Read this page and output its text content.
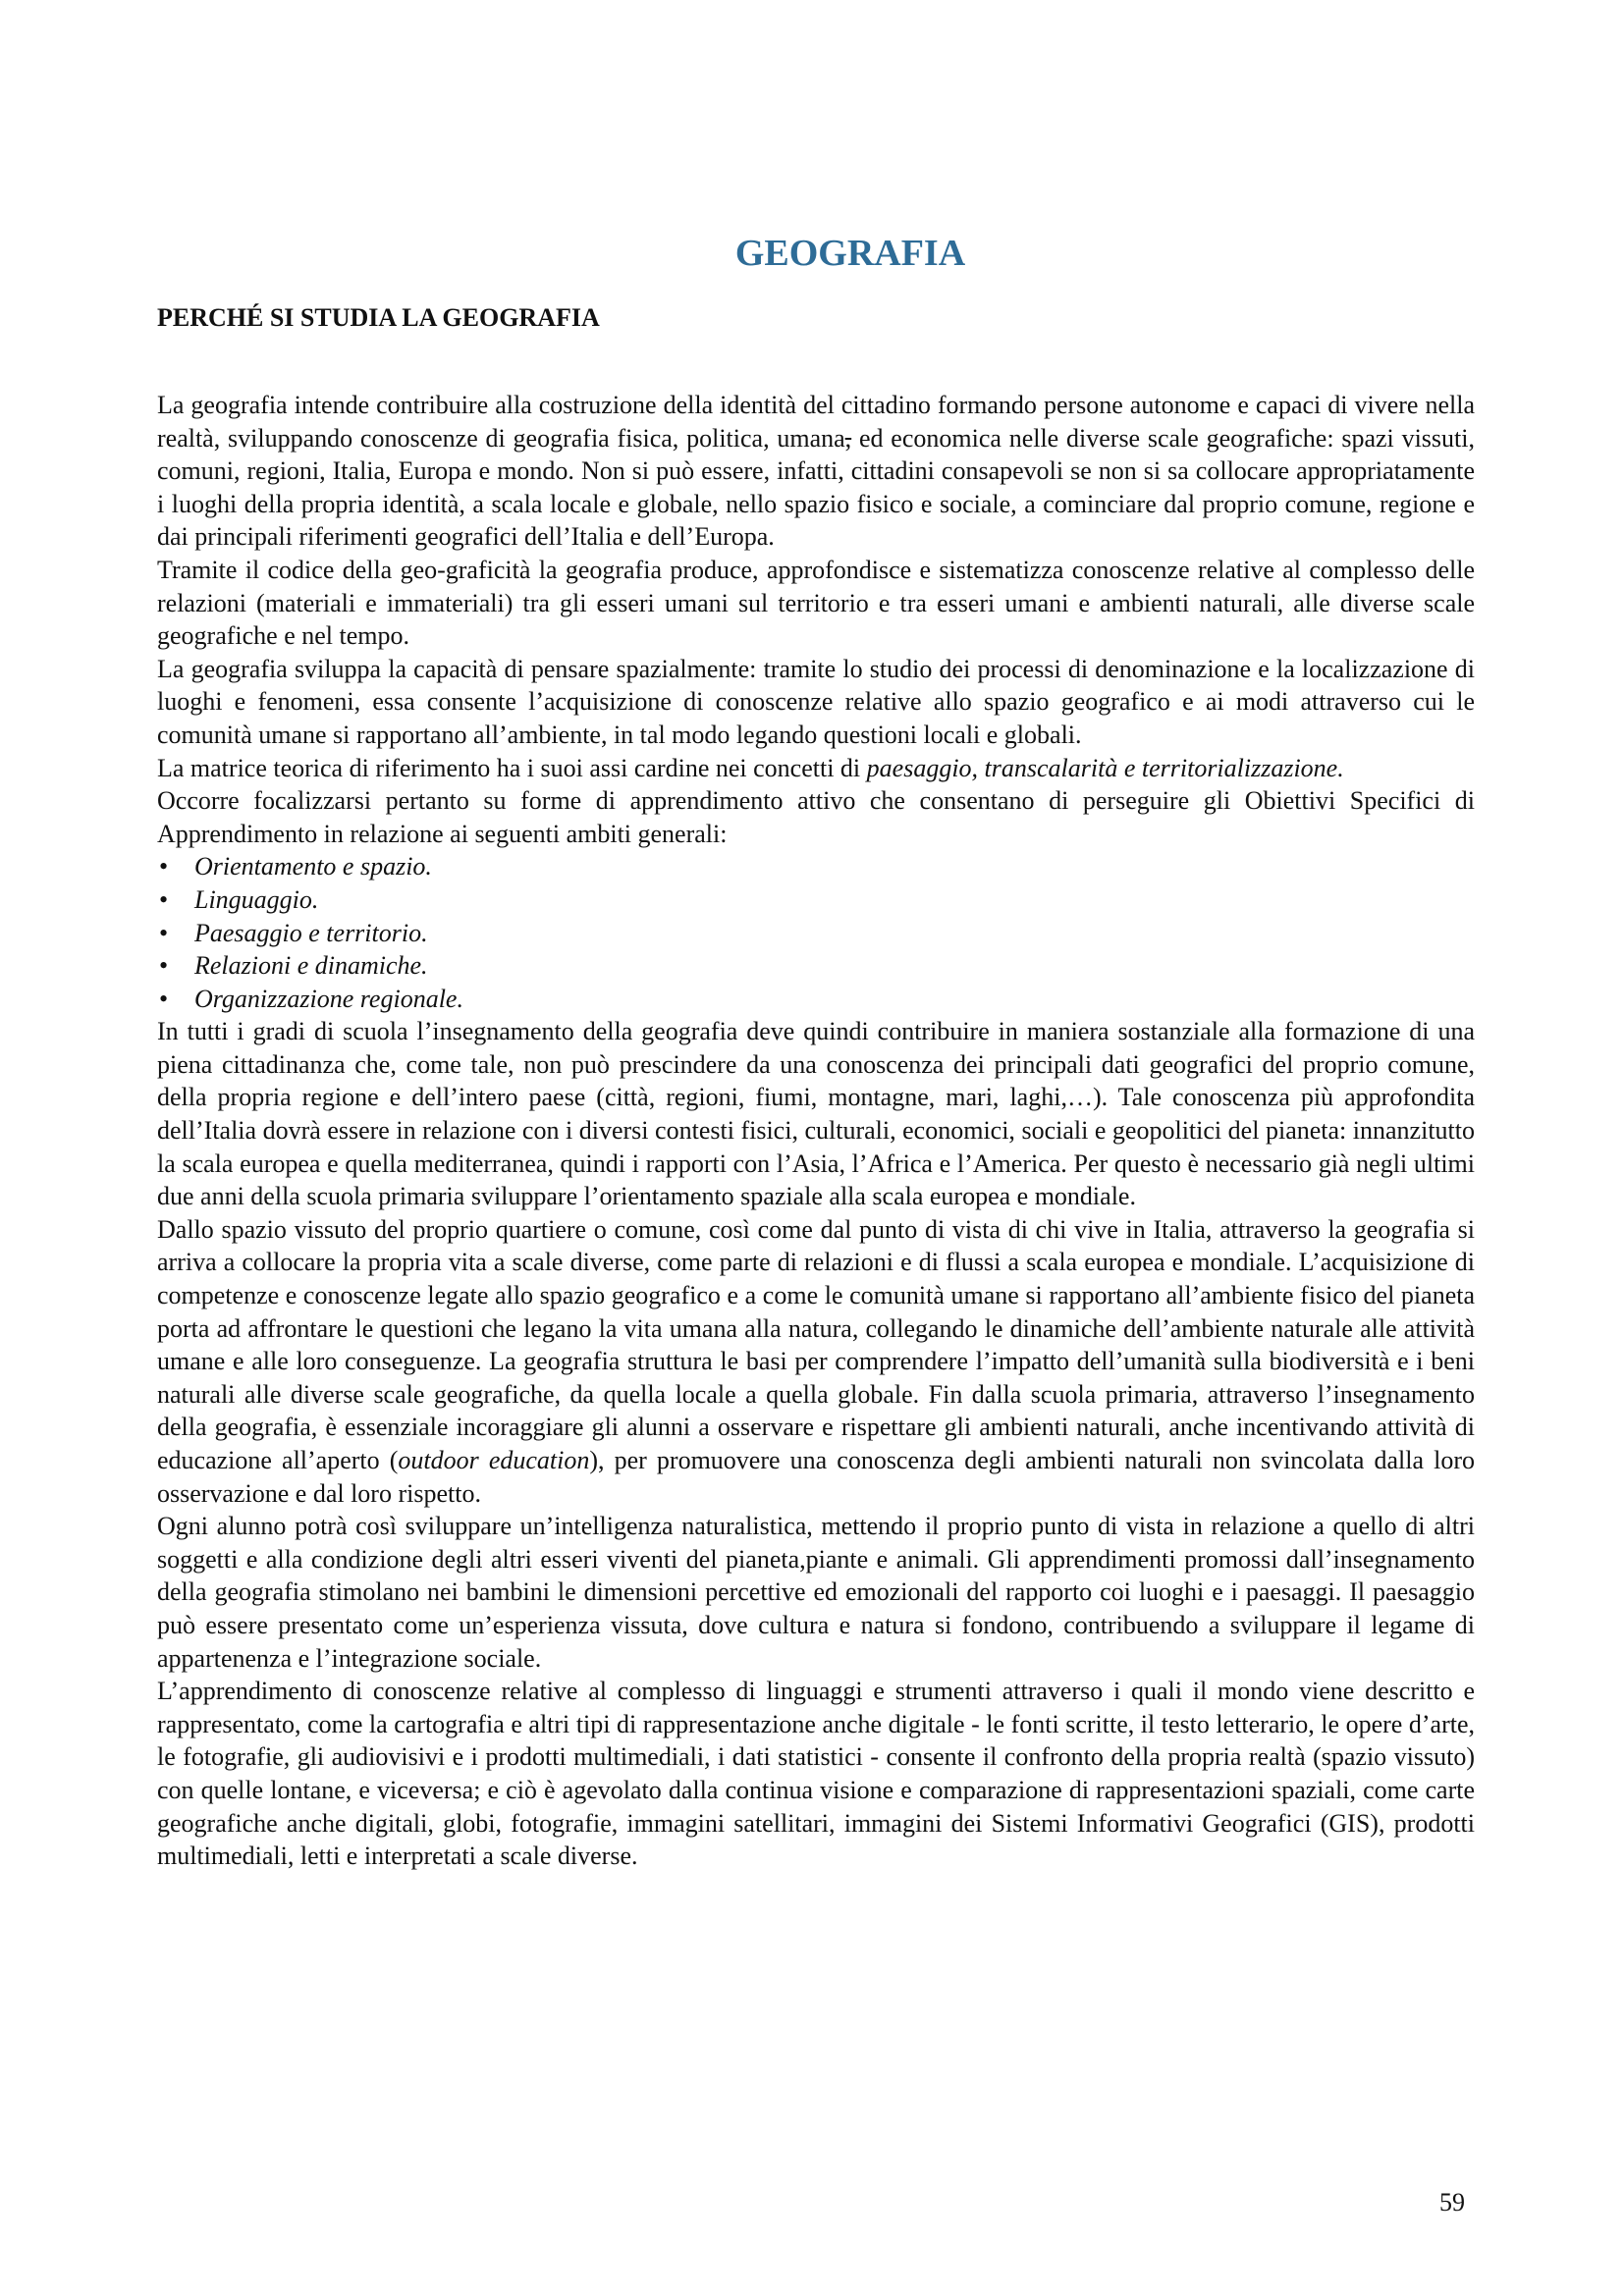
GEOGRAFIA
PERCHÉ SI STUDIA LA GEOGRAFIA

La geografia intende contribuire alla costruzione della identità del cittadino formando persone autonome e capaci di vivere nella realtà, sviluppando conoscenze di geografia fisica, politica, umana, ed economica nelle diverse scale geografiche: spazi vissuti, comuni, regioni, Italia, Europa e mondo. Non si può essere, infatti, cittadini consapevoli se non si sa collocare appropriatamente i luoghi della propria identità, a scala locale e globale, nello spazio fisico e sociale, a cominciare dal proprio comune, regione e dai principali riferimenti geografici dell’Italia e dell’Europa.

Tramite il codice della geo-graficità la geografia produce, approfondisce e sistematizza conoscenze relative al complesso delle relazioni (materiali e immateriali) tra gli esseri umani sul territorio e tra esseri umani e ambienti naturali, alle diverse scale geografiche e nel tempo.

La geografia sviluppa la capacità di pensare spazialmente: tramite lo studio dei processi di denominazione e la localizzazione di luoghi e fenomeni, essa consente l’acquisizione di conoscenze relative allo spazio geografico e ai modi attraverso cui le comunità umane si rapportano all’ambiente, in tal modo legando questioni locali e globali.

La matrice teorica di riferimento ha i suoi assi cardine nei concetti di paesaggio, transcalarità e territorializzazione.

Occorre focalizzarsi pertanto su forme di apprendimento attivo che consentano di perseguire gli Obiettivi Specifici di Apprendimento in relazione ai seguenti ambiti generali:

• Orientamento e spazio.
• Linguaggio.
• Paesaggio e territorio.
• Relazioni e dinamiche.
• Organizzazione regionale.

In tutti i gradi di scuola l’insegnamento della geografia deve quindi contribuire in maniera sostanziale alla formazione di una piena cittadinanza che, come tale, non può prescindere da una conoscenza dei principali dati geografici del proprio comune, della propria regione e dell’intero paese (città, regioni, fiumi, montagne, mari, laghi,…). Tale conoscenza più approfondita dell’Italia dovrà essere in relazione con i diversi contesti fisici, culturali, economici, sociali e geopolitici del pianeta: innanzitutto la scala europea e quella mediterranea, quindi i rapporti con l’Asia, l’Africa e l’America. Per questo è necessario già negli ultimi due anni della scuola primaria sviluppare l’orientamento spaziale alla scala europea e mondiale.

Dallo spazio vissuto del proprio quartiere o comune, così come dal punto di vista di chi vive in Italia, attraverso la geografia si arriva a collocare la propria vita a scale diverse, come parte di relazioni e di flussi a scala europea e mondiale. L’acquisizione di competenze e conoscenze legate allo spazio geografico e a come le comunità umane si rapportano all’ambiente fisico del pianeta porta ad affrontare le questioni che legano la vita umana alla natura, collegando le dinamiche dell’ambiente naturale alle attività umane e alle loro conseguenze. La geografia struttura le basi per comprendere l’impatto dell’umanità sulla biodiversità e i beni naturali alle diverse scale geografiche, da quella locale a quella globale. Fin dalla scuola primaria, attraverso l’insegnamento della geografia, è essenziale incoraggiare gli alunni a osservare e rispettare gli ambienti naturali, anche incentivando attività di educazione all’aperto (outdoor education), per promuovere una conoscenza degli ambienti naturali non svincolata dalla loro osservazione e dal loro rispetto.

Ogni alunno potrà così sviluppare un’intelligenza naturalistica, mettendo il proprio punto di vista in relazione a quello di altri soggetti e alla condizione degli altri esseri viventi del pianeta,piante e animali. Gli apprendimenti promossi dall’insegnamento della geografia stimolano nei bambini le dimensioni percettive ed emozionali del rapporto coi luoghi e i paesaggi. Il paesaggio può essere presentato come un’esperienza vissuta, dove cultura e natura si fondono, contribuendo a sviluppare il legame di appartenenza e l’integrazione sociale.

L’apprendimento di conoscenze relative al complesso di linguaggi e strumenti attraverso i quali il mondo viene descritto e rappresentato, come la cartografia e altri tipi di rappresentazione anche digitale - le fonti scritte, il testo letterario, le opere d’arte, le fotografie, gli audiovisivi e i prodotti multimediali, i dati statistici - consente il confronto della propria realtà (spazio vissuto) con quelle lontane, e viceversa; e ciò è agevolato dalla continua visione e comparazione di rappresentazioni spaziali, come carte geografiche anche digitali, globi, fotografie, immagini satellitari, immagini dei Sistemi Informativi Geografici (GIS), prodotti multimediali, letti e interpretati a scale diverse.

59
